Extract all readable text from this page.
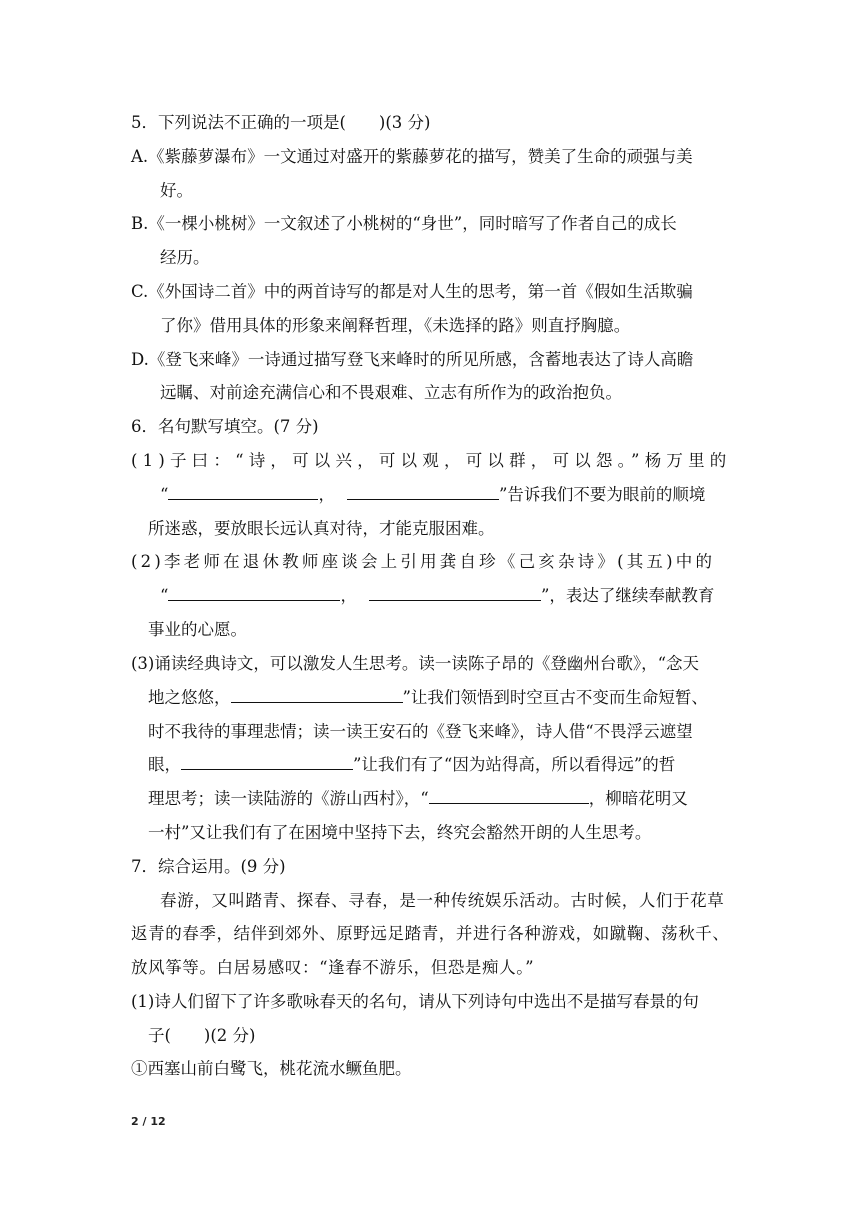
5．下列说法不正确的一项是(　　)(3 分)
A.《紫藤萝瀑布》一文通过对盛开的紫藤萝花的描写，赞美了生命的顽强与美
好。
B.《一棵小桃树》一文叙述了小桃树的“身世”，同时暗写了作者自己的成长
经历。
C.《外国诗二首》中的两首诗写的都是对人生的思考，第一首《假如生活欺骗
了你》借用具体的形象来阐释哲理，《未选择的路》则直抒胸臆。
D.《登飞来峰》一诗通过描写登飞来峰时的所见所感，含蓄地表达了诗人高瞻
远瞩、对前途充满信心和不畏艰难、立志有所作为的政治抱负。
6．名句默写填空。(7 分)
(1)子曰：“诗，可以兴，可以观，可以群，可以怨。”杨万里的
“	，	”告诉我们不要为眼前的顺境
所迷惑，要放眼长远认真对待，才能克服困难。
(2)李老师在退休教师座谈会上引用龚自珍《己亥杂诗》(其五)中的
“	，	”，表达了继续奉献教育
事业的心愿。
(3)诵读经典诗文，可以激发人生思考。读一读陈子昂的《登幽州台歌》，“念天
地之悠悠，	”让我们领悟到时空亘古不变而生命短暂、
时不我待的事理悲情；读一读王安石的《登飞来峰》，诗人借“不畏浮云遮望
眼，	”让我们有了“因为站得高，所以看得远”的哲
理思考；读一读陆游的《游山西村》，“	，柳暗花明又
一村”又让我们有了在困境中坚持下去，终究会豁然开朗的人生思考。
7．综合运用。(9 分)
春游，又叫踏青、探春、寻春，是一种传统娱乐活动。古时候，人们于花草
返青的春季，结伴到郊外、原野远足踏青，并进行各种游戏，如蹴鞠、荡秋千、
放风筝等。白居易感叹：“逢春不游乐，但恐是痴人。”
(1)诗人们留下了许多歌咏春天的名句，请从下列诗句中选出不是描写春景的句
子(　　)(2 分)
①西塞山前白鹭飞，桃花流水鳜鱼肥。
2 / 12
